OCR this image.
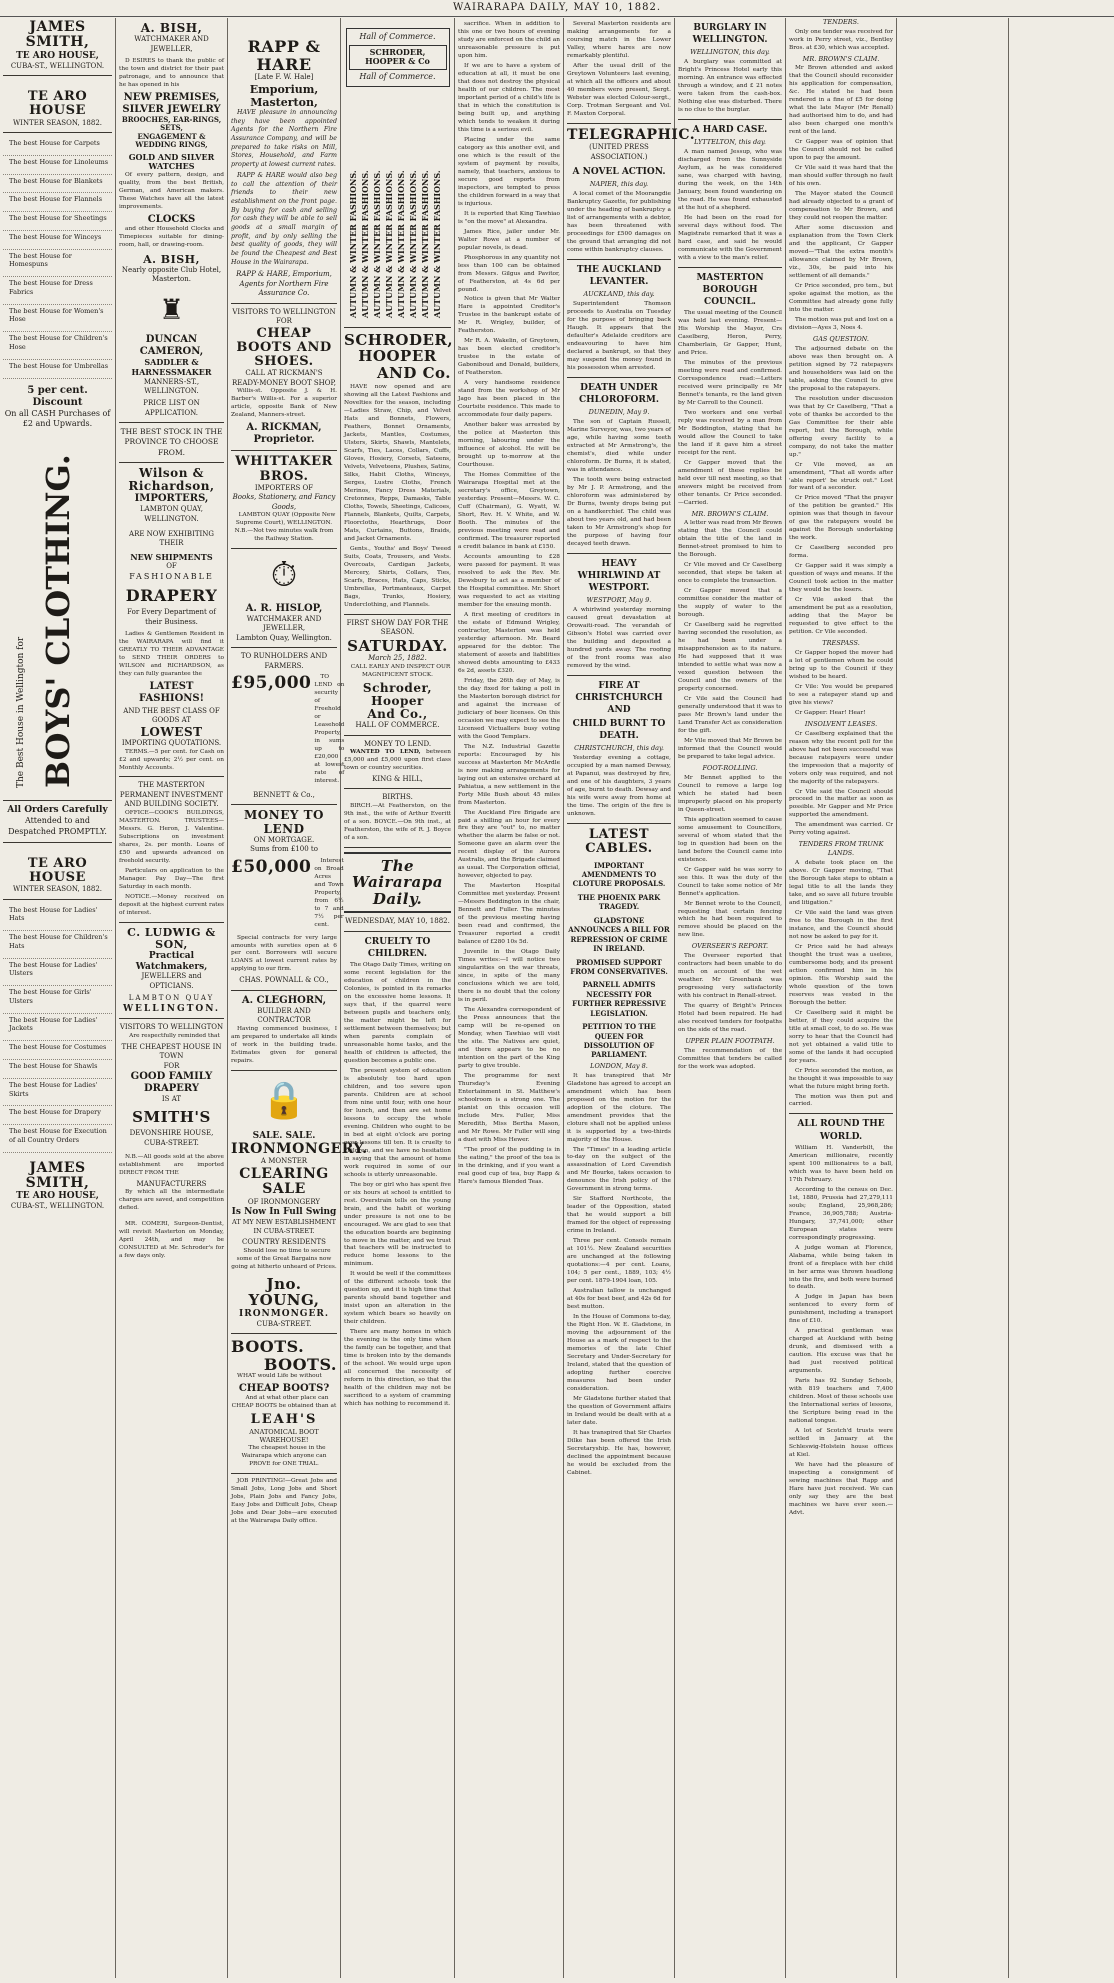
WAIRARAPA DAILY, MAY 10, 1882.
JAMES SMITH,
TE ARO HOUSE,
CUBA-ST., WELLINGTON.
TE ARO HOUSE
WINTER SEASON, 1882.
The best House for Carpets
The best House for Linoleums
The best House for Blankets
The best House for Flannels
The best House for Sheetings
The best House for Winceys
The best House for Homespuns
The best House for Dress Fabrics
The best House for Women's Hose
The best House for Children's Hose
The best House for Umbrellas
5 per cent. Discount
On all CASH Purchases of £2 and Upwards.
The Best House in Wellington for BOYS' CLOTHING.
All Orders Carefully
Attended to and Despatched PROMPTLY.
TE ARO HOUSE
WINTER SEASON, 1882.
The best House for Ladies' Hats
The best House for Children's Hats
The best House for Ladies' Ulsters
The best House for Girls' Ulsters
The best House for Ladies' Jackets
The best House for Costumes
The best House for Shawls
The best House for Ladies' Skirts
The best House for Drapery
The best House for Execution of all Country Orders
JAMES SMITH,
TE ARO HOUSE,
CUBA-ST., WELLINGTON.
A. BISH,
WATCHMAKER AND JEWELLER,
D ESIRES to thank the public of the town and district for their past patronage, and to announce that he has opened in his
NEW PREMISES,
SILVER JEWELRY
BROOCHES, EAR-RINGS, SETS,
ENGAGEMENT & WEDDING RINGS,
GOLD AND SILVER WATCHES
Of every pattern, design, and quality, from the best British, German, and American makers. These Watches have all the latest improvements.
CLOCKS
and other Household Clocks and Timepieces suitable for dining-room, hall, or drawing-room.
A. BISH,
Nearly opposite Club Hotel, Masterton.
♜
DUNCAN CAMERON,
SADDLER & HARNESSMAKER
MANNERS-ST., WELLINGTON.
PRICE LIST ON APPLICATION.
THE BEST STOCK IN THE PROVINCE TO CHOOSE FROM.
Wilson & Richardson,
IMPORTERS,
LAMBTON QUAY, WELLINGTON.
ARE NOW EXHIBITING THEIR
NEW SHIPMENTS
OF
FASHIONABLE
DRAPERY
For Every Department of their Business.
Ladies & Gentlemen Resident in the WAIRARAPA will find it GREATLY TO THEIR ADVANTAGE to SEND THEIR ORDERS to WILSON and RICHARDSON, as they can fully guarantee the
LATEST FASHIONS!
AND THE BEST CLASS OF GOODS AT
LOWEST
IMPORTING QUOTATIONS.
TERMS.—5 per cent. for Cash on £2 and upwards; 2½ per cent. on Monthly Accounts.
THE MASTERTON PERMANENT INVESTMENT AND BUILDING SOCIETY.
OFFICE—COOK'S BUILDINGS, MASTERTON. TRUSTEES—Messrs. G. Heron, J. Valentine. Subscriptions on investment shares, 2s. per month. Loans of £50 and upwards advanced on freehold security.
Particulars on application to the Manager. Pay Day—The first Saturday in each month.
NOTICE.—Money received on deposit at the highest current rates of interest.
C. LUDWIG & SON,
Practical Watchmakers,
JEWELLERS and OPTICIANS.
LAMBTON QUAY
WELLINGTON.
VISITORS TO WELLINGTON
Are respectfully reminded that
THE CHEAPEST HOUSE IN TOWN
FOR
GOOD FAMILY DRAPERY
IS AT
SMITH'S
DEVONSHIRE HOUSE,
CUBA-STREET.
N.B.—All goods sold at the above establishment are imported DIRECT FROM THE
MANUFACTURERS
By which all the intermediate charges are saved, and competition defied.
MR. COMERI, Surgeon-Dentist, will revisit Masterton on Monday, April 24th, and may be CONSULTED at Mr. Schroder's for a few days only.
RAPP & HARE
[Late F. W. Hale]
Emporium, Masterton,
HAVE pleasure in announcing they have been appointed Agents for the Northern Fire Assurance Company, and will be prepared to take risks on Mill, Stores, Household, and Farm property at lowest current rates.
RAPP & HARE would also beg to call the attention of their friends to their new establishment on the front page. By buying for cash and selling for cash they will be able to sell goods at a small margin of profit, and by only selling the best quality of goods, they will be found the Cheapest and Best House in the Wairarapa.
RAPP & HARE, Emporium, Agents for Northern Fire Assurance Co.
VISITORS TO WELLINGTON FOR
CHEAP BOOTS AND SHOES.
CALL AT RICKMAN'S READY-MONEY BOOT SHOP,
Willis-st. Opposite J. & H. Barber's Willis-st. For a superior article, opposite Bank of New Zealand, Manners-street.
A. RICKMAN, Proprietor.
WHITTAKER BROS.
IMPORTERS OF
Books, Stationery, and Fancy Goods,
LAMBTON QUAY (Opposite New Supreme Court), WELLINGTON. N.B.—Not two minutes walk from the Railway Station.
⏱
A. R. HISLOP,
WATCHMAKER AND JEWELLER,
Lambton Quay, Wellington.
TO RUNHOLDERS AND FARMERS.
£95,000	TO LEND on security of Freehold or Leasehold Property, in sums up to £20,000 at lowest rate of interest.
BENNETT & Co.,
MONEY TO LEND
ON MORTGAGE.
Sums from £100 to
£50,000	Interest on Broad Acres and Town Property, from 6½ to 7 and 7½ per cent.
Special contracts for very large amounts with sureties open at 6 per cent. Borrowers will secure LOANS at lowest current rates by applying to our firm.
CHAS. POWNALL & CO.,
A. CLEGHORN,
BUILDER AND CONTRACTOR
Having commenced business, I am prepared to undertake all kinds of work in the building trade. Estimates given for general repairs.
🔒
SALE. SALE.
IRONMONGERY.
A MONSTER
CLEARING SALE
OF IRONMONGERY
Is Now In Full Swing
AT MY NEW ESTABLISHMENT IN CUBA-STREET.
COUNTRY RESIDENTS
Should lose no time to secure some of the Great Bargains now going at hitherto unheard of Prices.
Jno. YOUNG,
IRONMONGER.
CUBA-STREET.
BOOTS.
BOOTS.
WHAT would Life be without
CHEAP BOOTS?
And at what other place can CHEAP BOOTS be obtained than at
LEAH'S
ANATOMICAL BOOT WAREHOUSE!
The cheapest house in the Wairarapa which anyone can PROVE for ONE TRIAL.
JOB PRINTING!—Great Jobs and Small Jobs, Long Jobs and Short Jobs, Plain Jobs and Fancy Jobs, Easy Jobs and Difficult Jobs, Cheap Jobs and Dear Jobs—are executed at the Wairarapa Daily office.
Hall of Commerce.
SCHRODER, HOOPER & Co
Hall of Commerce.
AUTUMN & WINTER FASHIONS. AUTUMN & WINTER FASHIONS. AUTUMN & WINTER FASHIONS. AUTUMN & WINTER FASHIONS. AUTUMN & WINTER FASHIONS. AUTUMN & WINTER FASHIONS. AUTUMN & WINTER FASHIONS. AUTUMN & WINTER FASHIONS.
SCHRODER,
HOOPER
AND Co.
HAVE now opened and are showing all the Latest Fashions and Novelties for the season, including—Ladies Straw, Chip, and Velvet Hats and Bonnets, Flowers, Feathers, Bonnet Ornaments, Jackets, Mantles, Costumes, Ulsters, Skirts, Shawls, Mantelets, Scarfs, Ties, Laces, Collars, Cuffs, Gloves, Hosiery, Corsets, Sateens, Velvets, Velveteens, Plushes, Satins, Silks, Habit Cloths, Winceys, Serges, Lustre Cloths, French Merinos, Fancy Dress Materials, Cretonnes, Repps, Damasks, Table Cloths, Towels, Sheetings, Calicoes, Flannels, Blankets, Quilts, Carpets, Floorcloths, Hearthrugs, Door Mats, Curtains, Buttons, Braids, and Jacket Ornaments.
Gents., Youths' and Boys' Tweed Suits, Coats, Trousers, and Vests. Overcoats, Cardigan Jackets, Mercery, Shirts, Collars, Ties, Scarfs, Braces, Hats, Caps, Sticks, Umbrellas, Portmanteaux, Carpet Bags, Trunks, Hosiery, Underclothing, and Flannels.
FIRST SHOW DAY FOR THE SEASON.
SATURDAY.
March 25, 1882.
CALL EARLY AND INSPECT OUR MAGNIFICENT STOCK.
Schroder, Hooper
And Co.,
HALL OF COMMERCE.
MONEY TO LEND.
WANTED TO LEND, between £5,000 and £5,000 upon first class town or country securities.
KING & HILL,
BIRTHS.
BIRCH.—At Featherston, on the 9th inst., the wife of Arthur Everitt of a son. BOYCE.—On 9th inst., at Featherston, the wife of R. J. Boyce of a son.
The Wairarapa Daily.
WEDNESDAY, MAY 10, 1882.
CRUELTY TO CHILDREN.
The Otago Daily Times, writing on some recent legislation for the education of children in the Colonies, is pointed in its remarks on the excessive home lessons. It says that, if the quarrel were between pupils and teachers only, the matter might be left for settlement between themselves; but when parents complain of unreasonable home tasks, and the health of children is affected, the question becomes a public one.
The present system of education is absolutely too hard upon children, and too severe upon parents. Children are at school from nine until four, with one hour for lunch, and then are set home lessons to occupy the whole evening. Children who ought to be in bed at eight o'clock are poring over lessons till ten. It is cruelty to children, and we have no hesitation in saying that the amount of home work required in some of our schools is utterly unreasonable.
The boy or girl who has spent five or six hours at school is entitled to rest. Overstrain tells on the young brain, and the habit of working under pressure is not one to be encouraged. We are glad to see that the education boards are beginning to move in the matter, and we trust that teachers will be instructed to reduce home lessons to the minimum.
It would be well if the committees of the different schools took the question up, and it is high time that parents should band together and insist upon an alteration in the system which bears so heavily on their children.
There are many homes in which the evening is the only time when the family can be together, and that time is broken into by the demands of the school. We would urge upon all concerned the necessity of reform in this direction, so that the health of the children may not be sacrificed to a system of cramming which has nothing to recommend it.
sacrifice. When in addition to this one or two hours of evening study are enforced on the child an unreasonable pressure is put upon him.
If we are to have a system of education at all, it must be one that does not destroy the physical health of our children. The most important period of a child's life is that in which the constitution is being built up, and anything which tends to weaken it during this time is a serious evil.
Placing under the same category as this another evil, and one which is the result of the system of payment by results, namely, that teachers, anxious to secure good reports from inspectors, are tempted to press the children forward in a way that is injurious.
It is reported that King Tawhiao is "on the move" at Alexandra.
James Rice, jailer under Mr. Walter Rowe at a number of popular novels, is dead.
Phosphorous in any quantity not less than 100 can be obtained from Messrs. Gilgus and Pavitor, of Featherston, at 4s 6d per pound.
Notice is given that Mr Walter Hare is appointed Creditor's Trustee in the bankrupt estate of Mr R. Wrigley, builder, of Featherston.
Mr R. A. Wakelin, of Greytown, has been elected creditor's trustee in the estate of Gaboniboud and Donald, builders, of Featherston.
A very handsome residence stand from the workshop of Mr Jago has been placed in the Courtsite residence. This made to accommodate four daily papers.
Another baker was arrested by the police at Masterton this morning, labouring under the influence of alcohol. He will be brought up to-morrow at the Courthouse.
The Homes Committee of the Wairarapa Hospital met at the secretary's office, Greytown, yesterday. Present—Messrs. W. C. Cuff (Chairman), G. Wyatt, W. Short, Rev. H. V. White, and W. Booth. The minutes of the previous meeting were read and confirmed. The treasurer reported a credit balance in bank at £150.
Accounts amounting to £28 were passed for payment. It was resolved to ask the Rev. Mr. Dewsbury to act as a member of the Hospital committee. Mr. Short was requested to act as visiting member for the ensuing month.
A first meeting of creditors in the estate of Edmund Wrigley, contractor, Masterton was held yesterday afternoon. Mr. Beard appeared for the debtor. The statement of assets and liabilities showed debts amounting to £433 6s 2d, assets £320.
Friday, the 26th day of May, is the day fixed for taking a poll in the Masterton borough district for and against the increase of judiciary of beer licenses. On this occasion we may expect to see the Licensed Victuallers busy voting with the Good Templars.
The N.Z. Industrial Gazette reports: Encouraged by his success at Masterton Mr McArdle is now making arrangements for laying out an extensive orchard at Pahiatua, a new settlement in the Forty Mile Bush about 45 miles from Masterton.
The Auckland Fire Brigade are paid a shilling an hour for every fire they are "out" to, no matter whether the alarm be false or not. Someone gave an alarm over the recent display of the Aurora Australis, and the Brigade claimed as usual. The Corporation official, however, objected to pay.
The Masterton Hospital Committee met yesterday. Present—Messrs Beddington in the chair, Bennett and Fuller. The minutes of the previous meeting having been read and confirmed, the Treasurer reported a credit balance of £280 10s 5d.
Juvenile in the Otago Daily Times writes:—I will notice two singularities on the war threats, since, in spite of the many conclusions which we are told, there is no doubt that the colony is in peril.
The Alexandra correspondent of the Press announces that the camp will be re-opened on Monday, when Tawhiao will visit the site. The Natives are quiet, and there appears to be no intention on the part of the King party to give trouble.
The programme for next Thursday's Evening Entertainment in St. Matthew's schoolroom is a strong one. The pianist on this occasion will include Mrs. Fuller, Miss Meredith, Miss Bertha Mason, and Mr Rowe. Mr Fuller will sing a duet with Miss Hewer.
"The proof of the pudding is in the eating," the proof of the tea is in the drinking, and if you want a real good cup of tea, buy Rapp & Hare's famous Blended Teas.
Several Masterton residents are making arrangements for a coursing match in the Lower Valley, where hares are now remarkably plentiful.
After the usual drill of the Greytown Volunteers last evening, at which all the officers and about 40 members were present, Sergt. Webster was elected Colour-sergt., Corp. Trotman Sergeant and Vol. F. Maxton Corporal.
TELEGRAPHIC.
(UNITED PRESS ASSOCIATION.)
A NOVEL ACTION.
NAPIER, this day.
A local comet of the Moorangdie Bankruptcy Gazette, for publishing under the heading of bankruptcy a list of arrangements with a debtor, has been threatened with proceedings for £500 damages on the ground that arranging did not come within bankruptcy clauses.
THE AUCKLAND LEVANTER.
AUCKLAND, this day.
Superintendent Thomson proceeds to Australia on Tuesday for the purpose of bringing back Haugh. It appears that the defaulter's Adelaide creditors are endeavouring to have him declared a bankrupt, so that they may suspend the money found in his possession when arrested.
DEATH UNDER CHLOROFORM.
DUNEDIN, May 9.
The son of Captain Russell, Marine Surveyor, was, two years of age, while having some teeth extracted at Mr Armstrong's, the chemist's, died while under chloroform. Dr Burns, it is stated, was in attendance.
The tooth were being extracted by Mr J. P. Armstrong, and the chloroform was administered by Dr Burns, twenty drops being put on a handkerchief. The child was about two years old, and had been taken to Mr Armstrong's shop for the purpose of having four decayed teeth drawn.
HEAVY WHIRLWIND AT WESTPORT.
WESTPORT, May 9.
A whirlwind yesterday morning caused great devastation at Orowaiti-road. The verandah of Gibson's Hotel was carried over the building and deposited a hundred yards away. The roofing of the front rooms was also removed by the wind.
FIRE AT CHRISTCHURCH AND
CHILD BURNT TO DEATH.
CHRISTCHURCH, this day.
Yesterday evening a cottage, occupied by a man named Dewsay, at Papanui, was destroyed by fire, and one of his daughters, 3 years of age, burnt to death. Dewsay and his wife were away from home at the time. The origin of the fire is unknown.
LATEST CABLES.
IMPORTANT AMENDMENTS TO CLOTURE PROPOSALS.
THE PHOENIX PARK TRAGEDY.
GLADSTONE ANNOUNCES A BILL FOR REPRESSION OF CRIME IN IRELAND.
PROMISED SUPPORT FROM CONSERVATIVES.
PARNELL ADMITS NECESSITY FOR FURTHER REPRESSIVE LEGISLATION.
PETITION TO THE QUEEN FOR DISSOLUTION OF PARLIAMENT.
LONDON, May 8.
It has transpired that Mr Gladstone has agreed to accept an amendment which has been proposed on the motion for the adoption of the cloture. The amendment provides that the cloture shall not be applied unless it is supported by a two-thirds majority of the House.
The "Times" in a leading article to-day on the subject of the assassination of Lord Cavendish and Mr Bourke, takes occasion to denounce the Irish policy of the Government in strong terms.
Sir Stafford Northcote, the leader of the Opposition, stated that he would support a bill framed for the object of repressing crime in Ireland.
Three per cent. Consols remain at 101½. New Zealand securities are unchanged at the following quotations:—4 per cent. Loans, 104; 5 per cent., 1889, 103; 4½ per cent. 1879-1904 loan, 105.
Australian tallow is unchanged at 40s for best beef, and 42s 6d for best mutton.
In the House of Commons to-day, the Right Hon. W. E. Gladstone, in moving the adjournment of the House as a mark of respect to the memories of the late Chief Secretary and Under-Secretary for Ireland, stated that the question of adopting further coercive measures had been under consideration.
Mr Gladstone further stated that the question of Government affairs in Ireland would be dealt with at a later date.
It has transpired that Sir Charles Dilke has been offered the Irish Secretaryship. He has, however, declined the appointment because he would be excluded from the Cabinet.
BURGLARY IN WELLINGTON.
WELLINGTON, this day.
A burglary was committed at Bright's Princess Hotel early this morning. An entrance was effected through a window, and £ 21 notes were taken from the cash-box. Nothing else was disturbed. There is no clue to the burglar.
A HARD CASE.
LYTTELTON, this day.
A man named Jessup, who was discharged from the Sunnyside Asylum, as he was considered sane, was charged with having, during the week, on the 14th January, been found wandering on the road. He was found exhausted at the hut of a shepherd.
He had been on the road for several days without food. The Magistrate remarked that it was a hard case, and said he would communicate with the Government with a view to the man's relief.
MASTERTON BOROUGH COUNCIL.
The usual meeting of the Council was held last evening. Present—His Worship the Mayor, Crs Caselberg, Heron, Perry, Chamberlain, Gr Gapper, Hunt, and Price.
The minutes of the previous meeting were read and confirmed. Correspondence read:—Letters received were principally re Mr Bennet's tenants, re the land given by Mr Carroll to the Council.
Two workers and one verbal reply was received by a man from Mr Boddington, stating that he would allow the Council to take the land if it gave him a street receipt for the rent.
Cr Gapper moved that the amendment of these replies be held over till next meeting, so that answers might be received from other tenants. Cr Price seconded.—Carried.
MR. BROWN'S CLAIM.
A letter was read from Mr Brown stating that the Council could obtain the title of the land in Bennet-street promised to him to the Borough.
Cr Vile moved and Cr Caselberg seconded, that steps be taken at once to complete the transaction.
Cr Gapper moved that a committee consider the matter of the supply of water to the borough.
Cr Caselberg said he regretted having seconded the resolution, as he had been under a misapprehension as to its nature. He had supposed that it was intended to settle what was now a vexed question between the Council and the owners of the property concerned.
Cr Vile said the Council had generally understood that it was to pass Mr Brown's land under the Land Transfer Act as consideration for the gift.
Mr Vile moved that Mr Brown be informed that the Council would be prepared to take legal advice.
FOOT-ROLLING.
Mr Bennet applied to the Council to remove a large log which he stated had been improperly placed on his property in Queen-street.
This application seemed to cause some amusement to Councillors, several of whom stated that the log in question had been on the land before the Council came into existence.
Cr Gapper said he was sorry to see this. It was the duty of the Council to take some notice of Mr Bennet's application.
Mr Bennet wrote to the Council, requesting that certain fencing which he had been required to remove should be placed on the new line.
OVERSEER'S REPORT.
The Overseer reported that contractors had been unable to do much on account of the wet weather. Mr Greenbank was progressing very satisfactorily with his contract in Renall-street.
The quarry of Bright's Princes Hotel had been repaired. He had also received tenders for footpaths on the side of the road.
UPPER PLAIN FOOTPATH.
The recommendation of the Committee that tenders be called for the work was adopted.
TENDERS.
Only one tender was received for work in Perry street, viz., Bentley Bros. at £30, which was accepted.
MR. BROWN'S CLAIM.
Mr Brown attended and asked that the Council should reconsider his application for compensation, &c. He stated he had been rendered in a fine of £5 for doing what the late Mayor (Mr Renall) had authorised him to do, and had also been charged one month's rent of the land.
Cr Gapper was of opinion that the Council should not be called upon to pay the amount.
Cr Vile said it was hard that the man should suffer through no fault of his own.
The Mayor stated the Council had already objected to a grant of compensation to Mr Brown, and they could not reopen the matter.
After some discussion and explanation from the Town Clerk and the applicant, Cr Gapper moved—"That the extra month's allowance claimed by Mr Brown, viz., 30s, be paid into his settlement of all demands."
Cr Price seconded, pro tem., but spoke against the motion, as the Committee had already gone fully into the matter.
The motion was put and lost on a division—Ayes 3, Noes 4.
GAS QUESTION.
The adjourned debate on the above was then brought on. A petition signed by 72 ratepayers and householders was laid on the table, asking the Council to give the proposal to the ratepayers.
The resolution under discussion was that by Cr Caselberg, "That a vote of thanks be accorded to the Gas Committee for their able report, but the Borough, while offering every facility to a company, do not take the matter up."
Cr Vile moved, as an amendment, "That all words after 'able report' be struck out." Lost for want of a seconder.
Cr Price moved "That the prayer of the petition be granted." His opinion was that though in favour of gas the ratepayers would be against the Borough undertaking the work.
Cr Caselberg seconded pro forma.
Cr Gapper said it was simply a question of ways and means. If the Council took action in the matter they would be the losers.
Cr Vile asked that the amendment be put as a resolution, adding that the Mayor be requested to give effect to the petition. Cr Vile seconded.
TRESPASS.
Cr Gapper hoped the mover had a lot of gentlemen whom he could bring up to the Council if they wished to be heard.
Cr Vile: You would be prepared to see a ratepayer stand up and give his views?
Cr Gapper: Hear! Hear!
INSOLVENT LEASES.
Cr Caselberg explained that the reason why the recent poll for the above had not been successful was because ratepayers were under the impression that a majority of voters only was required, and not the majority of the ratepayers.
Cr Vile said the Council should proceed in the matter as soon as possible. Mr Gapper and Mr Price supported the amendment.
The amendment was carried. Cr Perry voting against.
TENDERS FROM TRUNK LANDS.
A debate took place on the above. Cr Gapper moving, "That the Borough take steps to obtain a legal title to all the lands they take, and so save all future trouble and litigation."
Cr Vile said the land was given free to the Borough in the first instance, and the Council should not now be asked to pay for it.
Cr Price said he had always thought the trust was a useless, cumbersome body, and its present action confirmed him in his opinion. His Worship said the whole question of the town reserves was vested in the Borough the better.
Cr Caselberg said it might be better, if they could acquire the title at small cost, to do so. He was sorry to hear that the Council had not yet obtained a valid title to some of the lands it had occupied for years.
Cr Price seconded the motion, as he thought it was impossible to say what the future might bring forth.
The motion was then put and carried.
ALL ROUND THE WORLD.
William H. Vanderbilt, the American millionaire, recently spent 100 millionaires to a ball, which was to have been held on 17th February.
According to the census on Dec. 1st, 1880, Prussia had 27,279,111 souls; England, 25,968,286; France, 36,905,788; Austria-Hungary, 37,741,000; other European states were correspondingly progressing.
A judge woman at Florence, Alabama, while being taken in front of a fireplace with her child in her arms was thrown headlong into the fire, and both were burned to death.
A Judge in Japan has been sentenced to every form of punishment, including a transport fine of £10.
A practical gentleman was charged at Auckland with being drunk, and dismissed with a caution. His excuse was that he had just received political arguments.
Paris has 92 Sunday Schools, with 819 teachers and 7,400 children. Most of these schools use the International series of lessons, the Scripture being read in the national tongue.
A lot of Scotch'd trusts were settled in January at the Schleswig-Holstein house offices at Kiel.
We have had the pleasure of inspecting a consignment of sewing machines that Rapp and Hare have just received. We can only say they are the best machines we have ever seen.—Advt.
